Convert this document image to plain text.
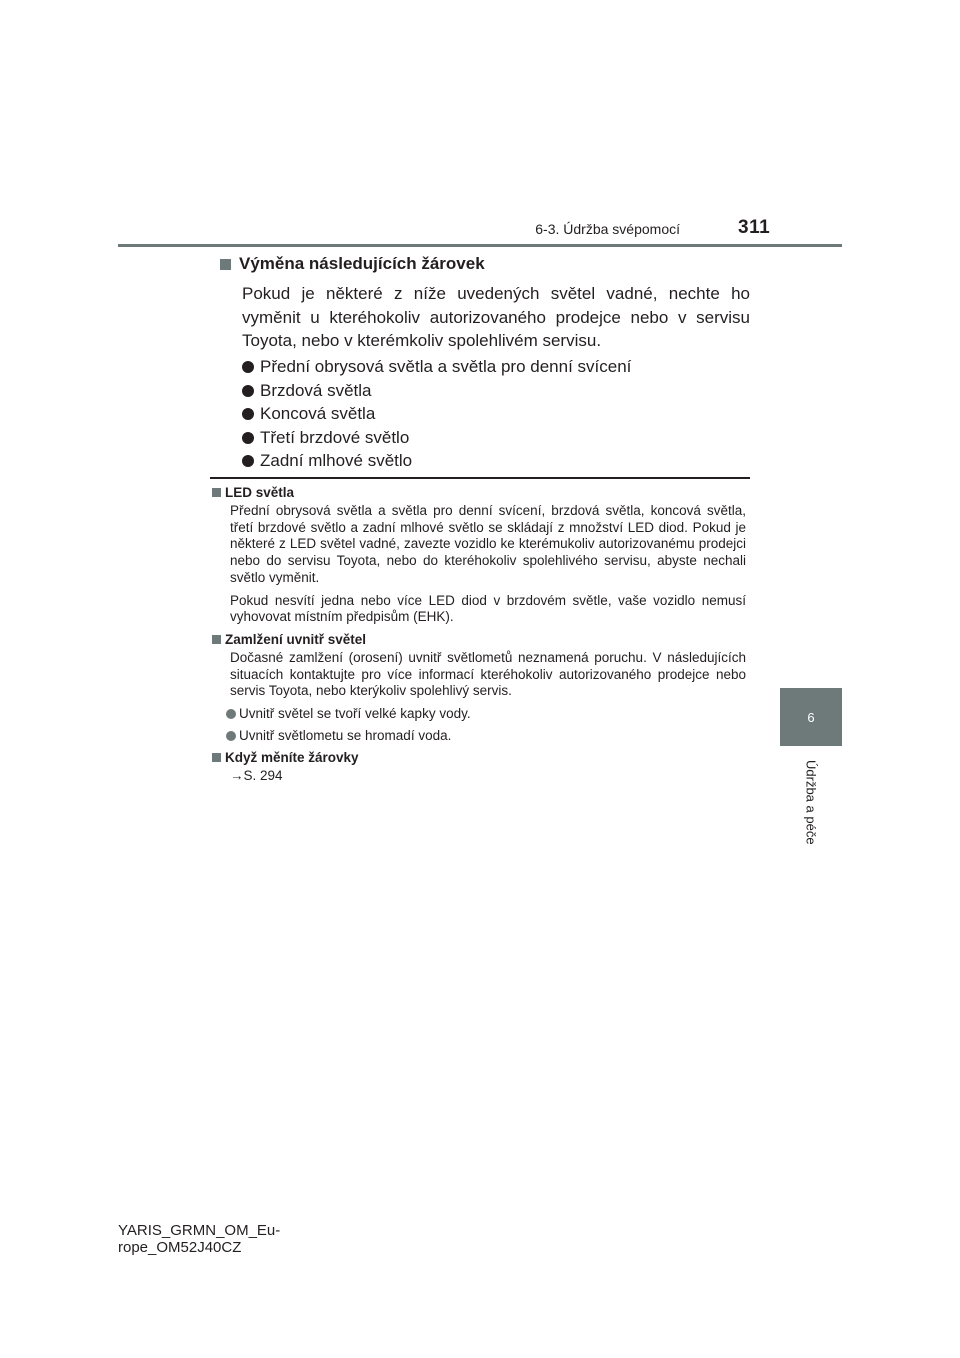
6-3. Údržba svépomocí	311
6
Údržba a péče
Výměna následujících žárovek

Pokud je některé z níže uvedených světel vadné, nechte ho vyměnit u kteréhokoliv autorizovaného prodejce nebo v servisu Toyota, nebo v kterémkoliv spolehlivém servisu.

Přední obrysová světla a světla pro denní svícení
Brzdová světla
Koncová světla
Třetí brzdové světlo
Zadní mlhové světlo
LED světla

Přední obrysová světla a světla pro denní svícení, brzdová světla, koncová světla, třetí brzdové světlo a zadní mlhové světlo se skládají z množství LED diod. Pokud je některé z LED světel vadné, zavezte vozidlo ke kterémukoliv autorizovanému prodejci nebo do servisu Toyota, nebo do kteréhokoliv spolehlivého servisu, abyste nechali světlo vyměnit.

Pokud nesvítí jedna nebo více LED diod v brzdovém světle, vaše vozidlo nemusí vyhovovat místním předpisům (EHK).

Zamlžení uvnitř světel

Dočasné zamlžení (orosení) uvnitř světlometů neznamená poruchu. V následujících situacích kontaktujte pro více informací kteréhokoliv autorizovaného prodejce nebo servis Toyota, nebo kterýkoliv spolehlivý servis.

Uvnitř světel se tvoří velké kapky vody.
Uvnitř světlometu se hromadí voda.
Když měníte žárovky
→S. 294
YARIS_GRMN_OM_Eu-
rope_OM52J40CZ
